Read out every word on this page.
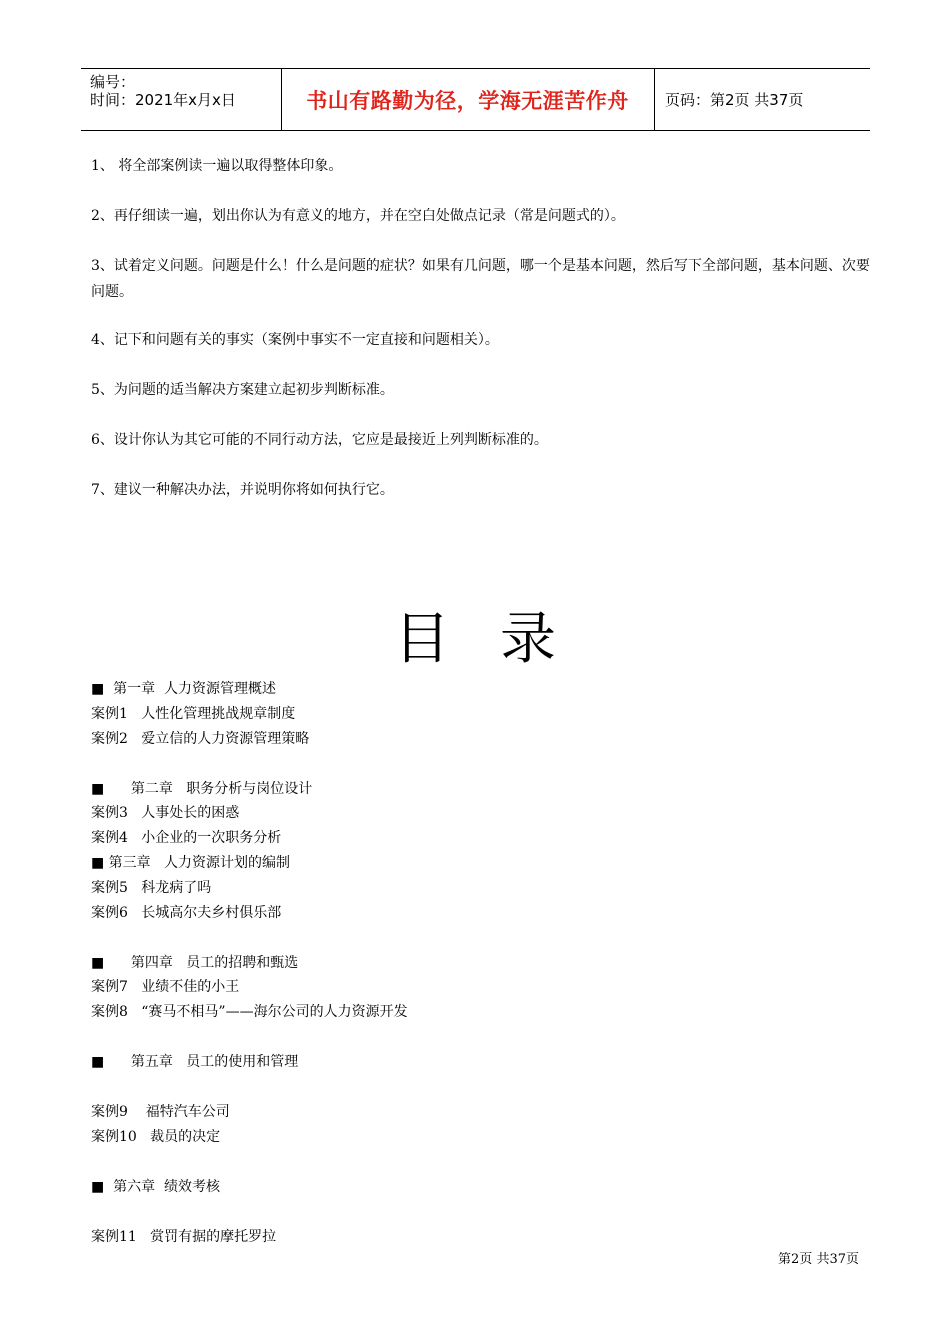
编号：
时间：2021年x月x日	书山有路勤为径，学海无涯苦作舟 页码：第2页 共37页

1、 将全部案例读一遍以取得整体印象。

2、再仔细读一遍，划出你认为有意义的地方，并在空白处做点记录（常是问题式的）。

3、试着定义问题。问题是什么！什么是问题的症状？如果有几问题，哪一个是基本问题，然后写下全部问题，基本问题、次要问题。

4、记下和问题有关的事实（案例中事实不一定直接和问题相关）。

5、为问题的适当解决方案建立起初步判断标准。

6、设计你认为其它可能的不同行动方法，它应是最接近上列判断标准的。

7、建议一种解决办法，并说明你将如何执行它。

目录
■  第一章  人力资源管理概述
案例1   人性化管理挑战规章制度
案例2   爱立信的人力资源管理策略
■      第二章   职务分析与岗位设计
案例3   人事处长的困惑
案例4   小企业的一次职务分析
■ 第三章   人力资源计划的编制
案例5   科龙病了吗
案例6   长城高尔夫乡村俱乐部
■      第四章   员工的招聘和甄选
案例7   业绩不佳的小王
案例8   “赛马不相马”——海尔公司的人力资源开发
■      第五章   员工的使用和管理
案例9    福特汽车公司
案例10   裁员的决定
■  第六章  绩效考核
案例11   赏罚有据的摩托罗拉
第2页 共37页
